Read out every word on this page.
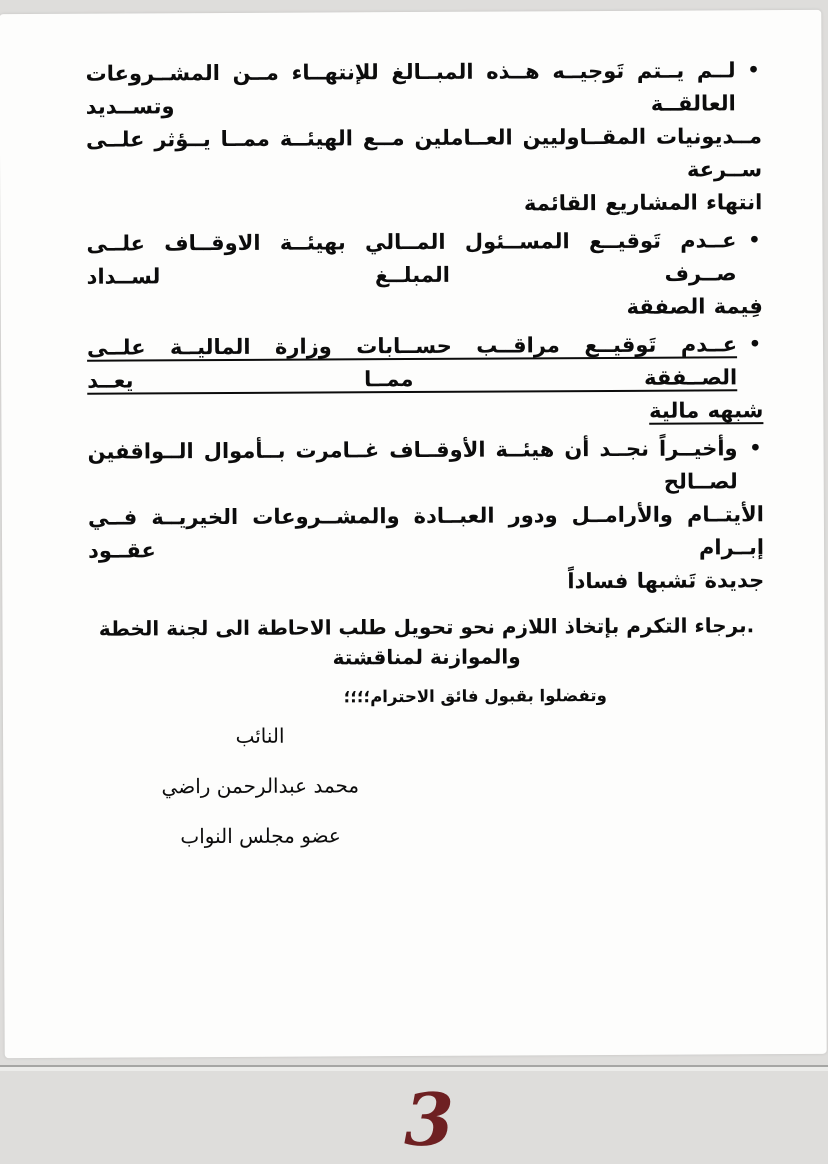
•
لــم يــتم تَوجيــه هــذه المبــالغ للإنتهــاء مــن المشــروعات العالقــة وتســديد
مــديونيات المقــاوليين العــاملين مــع الهيئــة ممــا يــؤثر علــى ســرعة
انتهاء المشاريع القائمة
•
عــدم تَوقيــع المســئول المــالي بهيئــة الاوقــاف علــى صــرف المبلــغ لســداد
فِيمة الصفقة
•
عــدم تَوقيــع مراقــب حســابات وزارة الماليــة علــى الصــفقة ممــا يعــد
شبهه مالية
•
وأخيــراً نجــد أن هيئــة الأوقــاف غــامرت بــأموال الــواقفين لصــالح
الأيتــام والأرامــل ودور العبــادة والمشــروعات الخيريــة فــي إبــرام عقــود
جديدة تَشبها فساداً
.برجاء التكرم بإتخاذ اللازم نحو تحويل طلب الاحاطة الى لجنة الخطة والموازنة لمناقشتة
وتفضلوا بقبول فائق الاحترام؛؛؛؛
النائب
محمد عبدالرحمن راضي
عضو مجلس النواب
3
